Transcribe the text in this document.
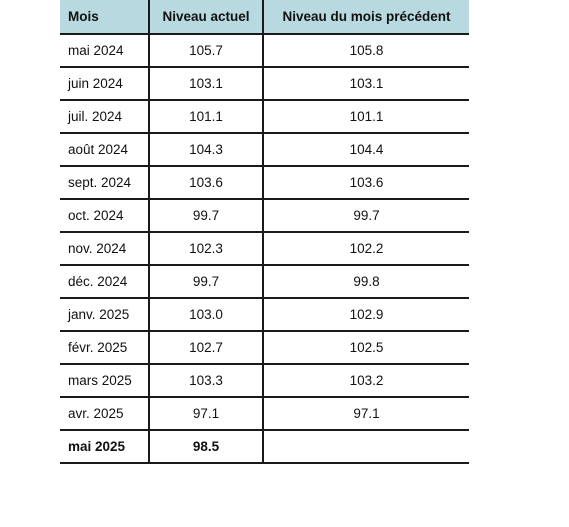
Mois	Niveau actuel	Niveau du mois précédent
mai 2024	105.7	105.8
juin 2024	103.1	103.1
juil. 2024	101.1	101.1
août 2024	104.3	104.4
sept. 2024	103.6	103.6
oct. 2024	99.7	99.7
nov. 2024	102.3	102.2
déc. 2024	99.7	99.8
janv. 2025	103.0	102.9
févr. 2025	102.7	102.5
mars 2025	103.3	103.2
avr. 2025	97.1	97.1
mai 2025	98.5	
